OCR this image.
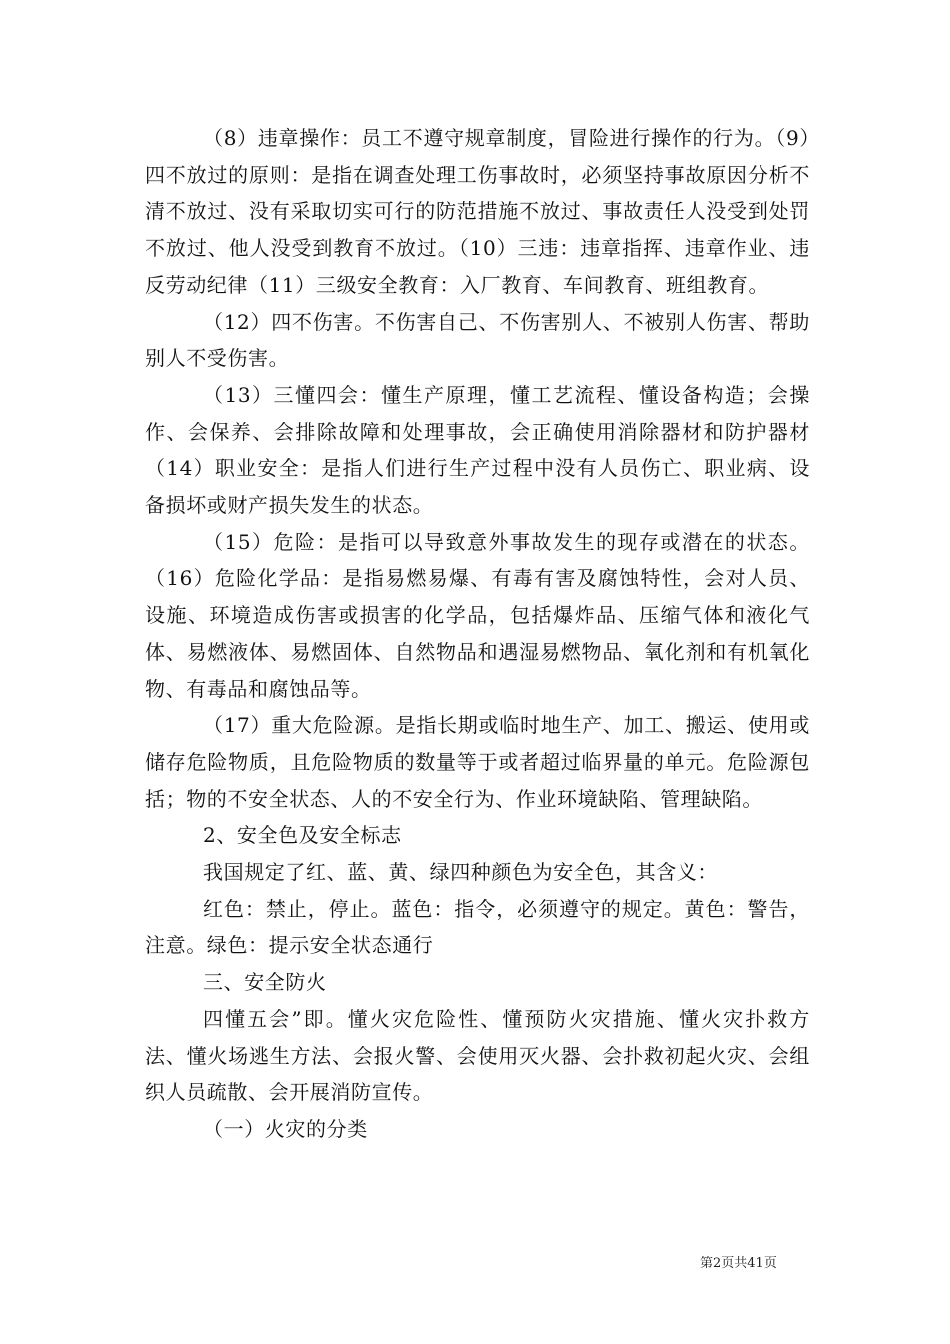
（8）违章操作：员工不遵守规章制度，冒险进行操作的行为。（9）四不放过的原则：是指在调查处理工伤事故时，必须坚持事故原因分析不清不放过、没有采取切实可行的防范措施不放过、事故责任人没受到处罚不放过、他人没受到教育不放过。（10）三违：违章指挥、违章作业、违反劳动纪律（11）三级安全教育：入厂教育、车间教育、班组教育。

（12）四不伤害。不伤害自己、不伤害别人、不被别人伤害、帮助别人不受伤害。

（13）三懂四会：懂生产原理，懂工艺流程、懂设备构造；会操作、会保养、会排除故障和处理事故，会正确使用消除器材和防护器材（14）职业安全：是指人们进行生产过程中没有人员伤亡、职业病、设备损坏或财产损失发生的状态。

（15）危险：是指可以导致意外事故发生的现存或潜在的状态。（16）危险化学品：是指易燃易爆、有毒有害及腐蚀特性，会对人员、设施、环境造成伤害或损害的化学品，包括爆炸品、压缩气体和液化气体、易燃液体、易燃固体、自然物品和遇湿易燃物品、氧化剂和有机氧化物、有毒品和腐蚀品等。

（17）重大危险源。是指长期或临时地生产、加工、搬运、使用或储存危险物质，且危险物质的数量等于或者超过临界量的单元。危险源包括；物的不安全状态、人的不安全行为、作业环境缺陷、管理缺陷。

2、安全色及安全标志

我国规定了红、蓝、黄、绿四种颜色为安全色，其含义：

红色：禁止，停止。蓝色：指令，必须遵守的规定。黄色：警告，注意。绿色：提示安全状态通行

三、安全防火

四懂五会”即。懂火灾危险性、懂预防火灾措施、懂火灾扑救方法、懂火场逃生方法、会报火警、会使用灭火器、会扑救初起火灾、会组织人员疏散、会开展消防宣传。

（一）火灾的分类

第2页共41页
